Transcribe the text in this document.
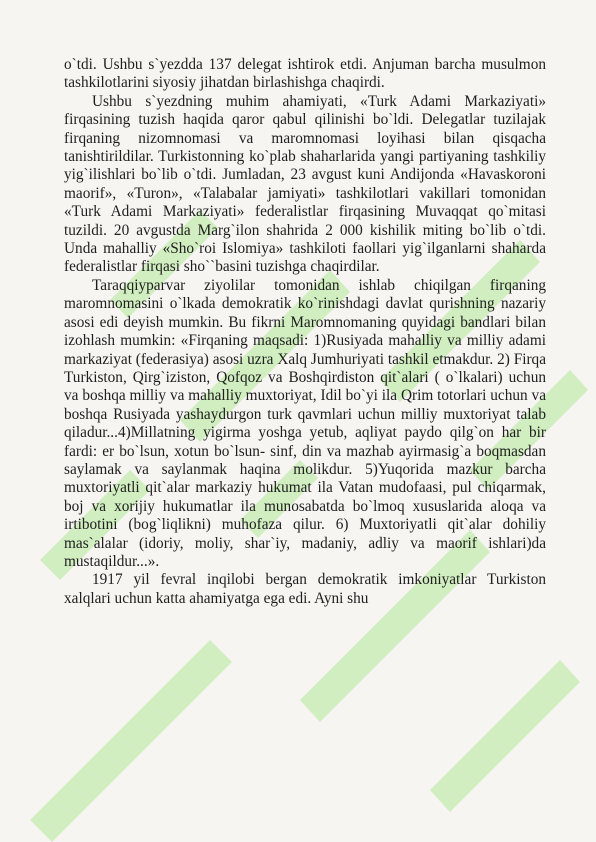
o`tdi. Ushbu s`yezdda 137 delegat ishtirok etdi. Anjuman barcha musulmon tashkilotlarini siyosiy jihatdan birlashishga chaqirdi.

Ushbu s`yezdning muhim ahamiyati, «Turk Adami Markaziyati» firqasining tuzish haqida qaror qabul qilinishi bo`ldi. Delegatlar tuzilajak firqaning nizomnomasi va maromnomasi loyihasi bilan qisqacha tanishtirildilar. Turkistonning ko`plab shaharlarida yangi partiyaning tashkiliy yig`ilishlari bo`lib o`tdi. Jumladan, 23 avgust kuni Andijonda «Havaskoroni maorif», «Turon», «Talabalar jamiyati» tashkilotlari vakillari tomonidan «Turk Adami Markaziyati» federalistlar firqasining Muvaqqat qo`mitasi tuzildi. 20 avgustda Marg`ilon shahrida 2 000 kishilik miting bo`lib o`tdi. Unda mahalliy «Sho`roi Islomiya» tashkiloti faollari yig`ilganlarni shaharda federalistlar firqasi sho``basini tuzishga chaqirdilar.

Taraqqiyparvar ziyolilar tomonidan ishlab chiqilgan firqaning maromnomasini o`lkada demokratik ko`rinishdagi davlat qurishning nazariy asosi edi deyish mumkin. Bu fikrni Maromnomaning quyidagi bandlari bilan izohlash mumkin: «Firqaning maqsadi: 1)Rusiyada mahalliy va milliy adami markaziyat (federasiya) asosi uzra Xalq Jumhuriyati tashkil etmakdur. 2) Firqa Turkiston, Qirg`iziston, Qofqoz va Boshqirdiston qit`alari ( o`lkalari) uchun va boshqa milliy va mahalliy muxtoriyat, Idil bo`yi ila Qrim totorlari uchun va boshqa Rusiyada yashaydurgon turk qavmlari uchun milliy muxtoriyat talab qiladur...4)Millatning yigirma yoshga yetub, aqliyat paydo qilg`on har bir fardi: er bo`lsun, xotun bo`lsun- sinf, din va mazhab ayirmasig`a boqmasdan saylamak va saylanmak haqina molikdur. 5)Yuqorida mazkur barcha muxtoriyatli qit`alar markaziy hukumat ila Vatan mudofaasi, pul chiqarmak, boj va xorijiy hukumatlar ila munosabatda bo`lmoq xususlarida aloqa va irtibotini (bog`liqlikni) muhofaza qilur. 6) Muxtoriyatli qit`alar dohiliy mas`alalar (idoriy, moliy, shar`iy, madaniy, adliy va maorif ishlari)da mustaqildur...».

1917 yil fevral inqilobi bergan demokratik imkoniyatlar Turkiston xalqlari uchun katta ahamiyatga ega edi. Ayni shu
